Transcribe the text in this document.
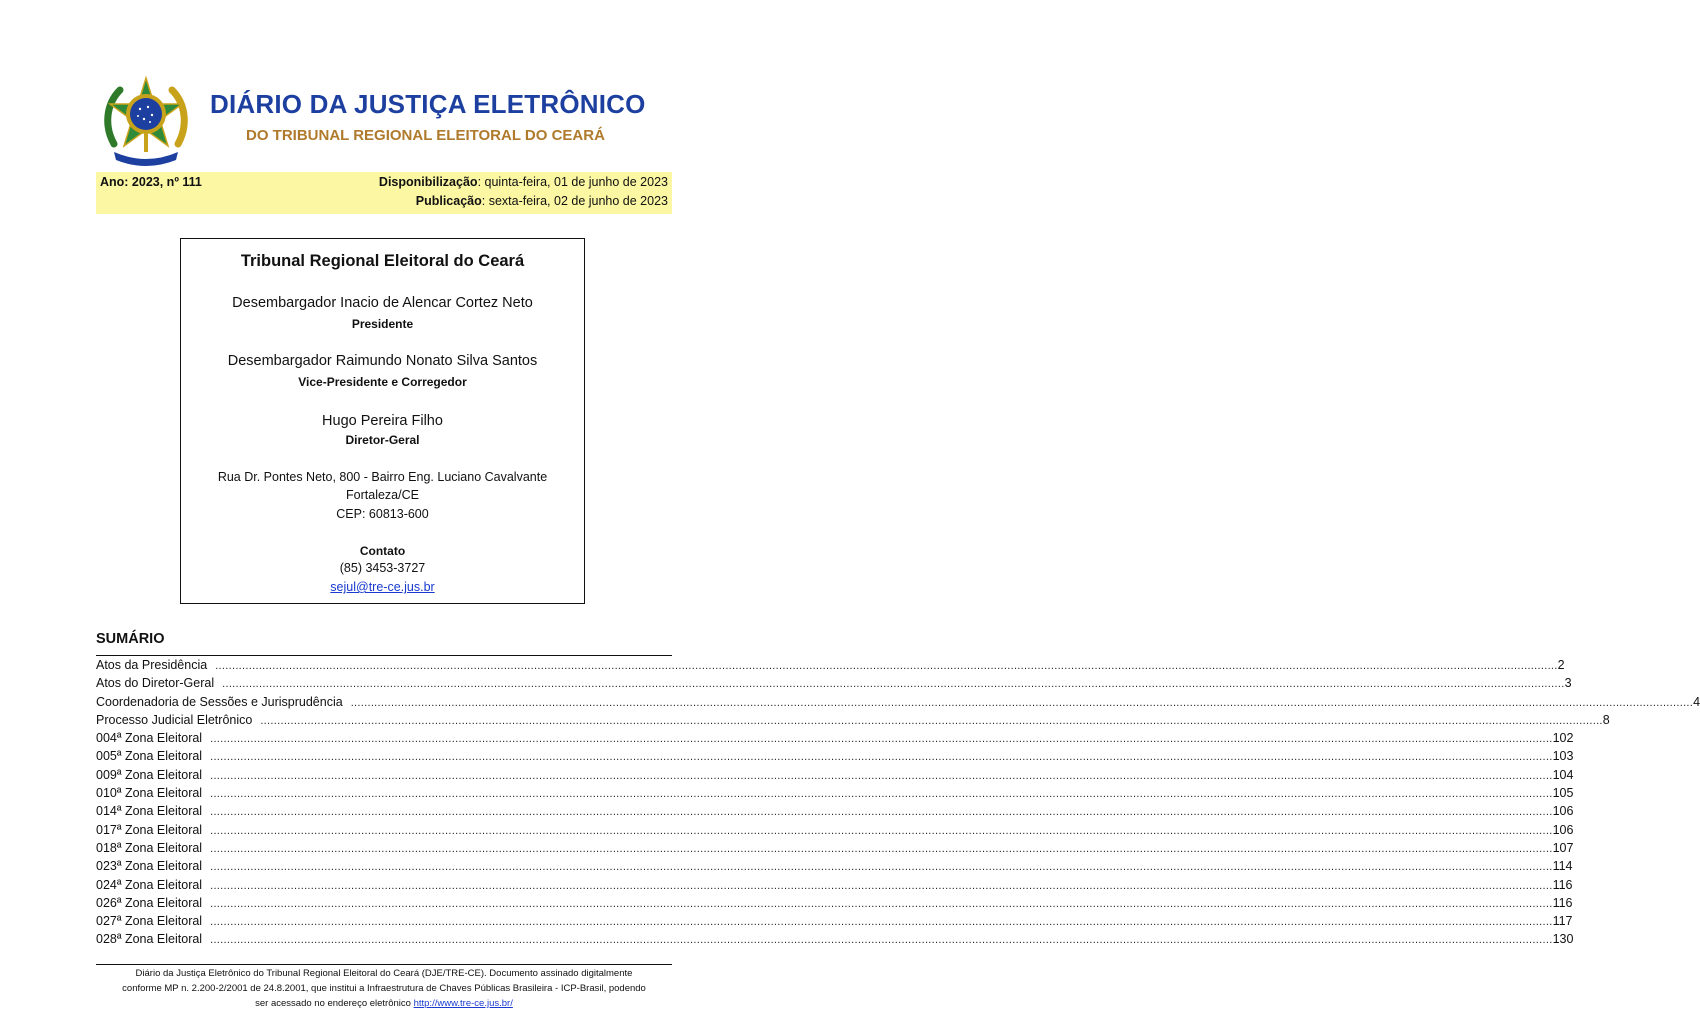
DIÁRIO DA JUSTIÇA ELETRÔNICO
DO TRIBUNAL REGIONAL ELEITORAL DO CEARÁ
Ano: 2023, nº 111	Disponibilização: quinta-feira, 01 de junho de 2023
Publicação: sexta-feira, 02 de junho de 2023
Tribunal Regional Eleitoral do Ceará
Desembargador Inacio de Alencar Cortez Neto
Presidente
Desembargador Raimundo Nonato Silva Santos
Vice-Presidente e Corregedor
Hugo Pereira Filho
Diretor-Geral
Rua Dr. Pontes Neto, 800 - Bairro Eng. Luciano Cavalvante
Fortaleza/CE
CEP: 60813-600
Contato
(85) 3453-3727
sejul@tre-ce.jus.br
SUMÁRIO
Atos da Presidência ................................................................................................................................................................................................................................................................................................................................................................................................................ 2
Atos do Diretor-Geral ................................................................................................................................................................................................................................................................................................................................................................................................................ 3
Coordenadoria de Sessões e Jurisprudência ................................................................................................................................................................................................................................................................................................................................................................................................................ 4
Processo Judicial Eletrônico ................................................................................................................................................................................................................................................................................................................................................................................................................ 8
004ª Zona Eleitoral ................................................................................................................................................................................................................................................................................................................................................................................................................ 102
005ª Zona Eleitoral ................................................................................................................................................................................................................................................................................................................................................................................................................ 103
009ª Zona Eleitoral ................................................................................................................................................................................................................................................................................................................................................................................................................ 104
010ª Zona Eleitoral ................................................................................................................................................................................................................................................................................................................................................................................................................ 105
014ª Zona Eleitoral ................................................................................................................................................................................................................................................................................................................................................................................................................ 106
017ª Zona Eleitoral ................................................................................................................................................................................................................................................................................................................................................................................................................ 106
018ª Zona Eleitoral ................................................................................................................................................................................................................................................................................................................................................................................................................ 107
023ª Zona Eleitoral ................................................................................................................................................................................................................................................................................................................................................................................................................ 114
024ª Zona Eleitoral ................................................................................................................................................................................................................................................................................................................................................................................................................ 116
026ª Zona Eleitoral ................................................................................................................................................................................................................................................................................................................................................................................................................ 116
027ª Zona Eleitoral ................................................................................................................................................................................................................................................................................................................................................................................................................ 117
028ª Zona Eleitoral ................................................................................................................................................................................................................................................................................................................................................................................................................ 130
Diário da Justiça Eletrônico do Tribunal Regional Eleitoral do Ceará (DJE/TRE-CE). Documento assinado digitalmente
conforme MP n. 2.200-2/2001 de 24.8.2001, que institui a Infraestrutura de Chaves Públicas Brasileira - ICP-Brasil, podendo
ser acessado no endereço eletrônico http://www.tre-ce.jus.br/
